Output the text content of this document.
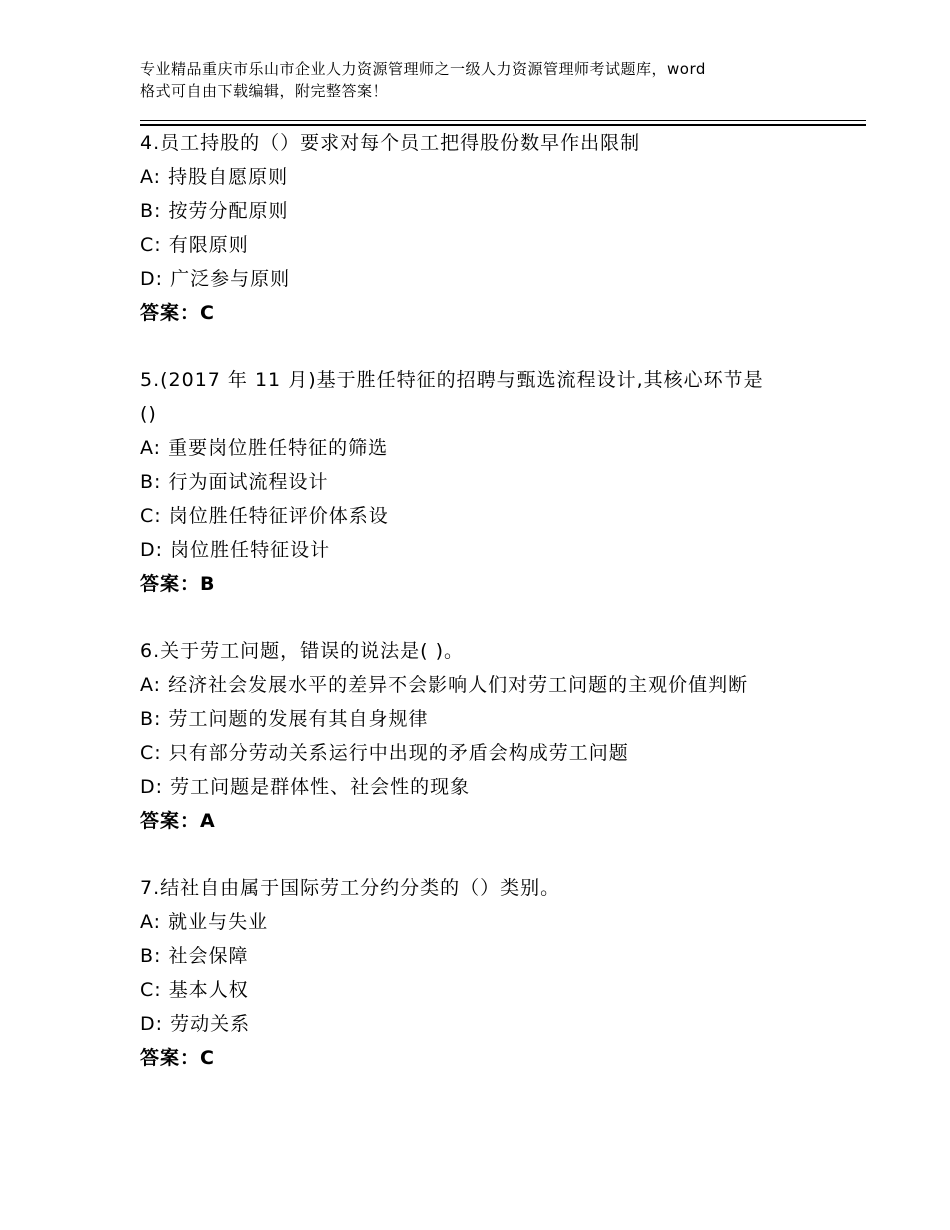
专业精品重庆市乐山市企业人力资源管理师之一级人力资源管理师考试题库，word
格式可自由下载编辑，附完整答案！
4.员工持股的（）要求对每个员工把得股份数早作出限制
A: 持股自愿原则
B: 按劳分配原则
C: 有限原则
D: 广泛参与原则
答案：C
5.(2017 年 11 月)基于胜任特征的招聘与甄选流程设计,其核心环节是
()
A: 重要岗位胜任特征的筛选
B: 行为面试流程设计
C: 岗位胜任特征评价体系设
D: 岗位胜任特征设计
答案：B
6.关于劳工问题，错误的说法是( )。
A: 经济社会发展水平的差异不会影响人们对劳工问题的主观价值判断
B: 劳工问题的发展有其自身规律
C: 只有部分劳动关系运行中出现的矛盾会构成劳工问题
D: 劳工问题是群体性、社会性的现象
答案：A
7.结社自由属于国际劳工分约分类的（）类别。
A: 就业与失业
B: 社会保障
C: 基本人权
D: 劳动关系
答案：C
